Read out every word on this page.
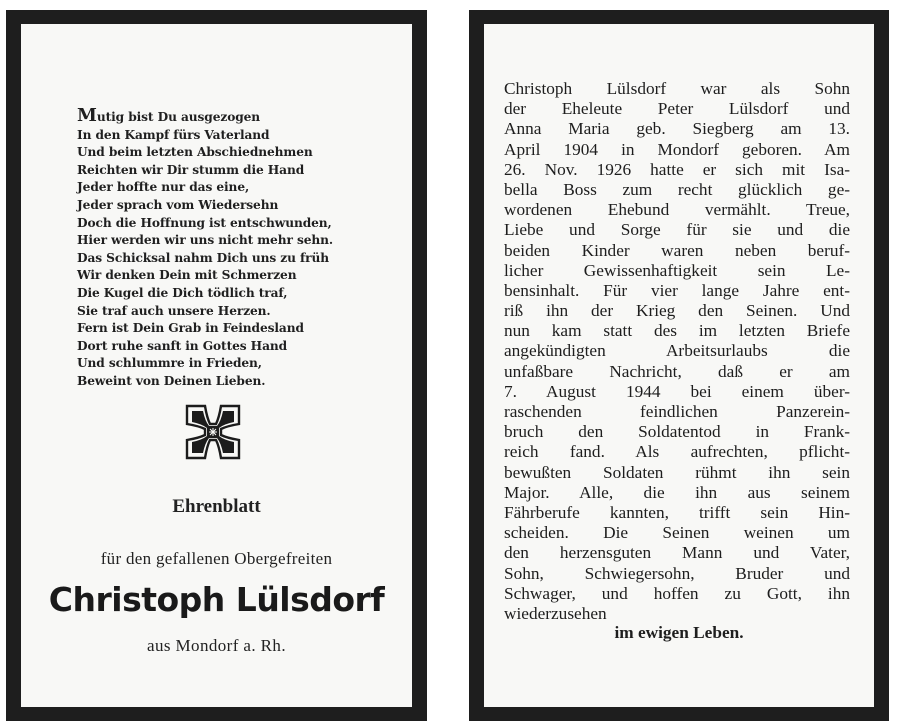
Mutig bist Du ausgezogen
In den Kampf fürs Vaterland
Und beim letzten Abschiednehmen
Reichten wir Dir stumm die Hand
Jeder hoffte nur das eine,
Jeder sprach vom Wiedersehn
Doch die Hoffnung ist entschwunden,
Hier werden wir uns nicht mehr sehn.
Das Schicksal nahm Dich uns zu früh
Wir denken Dein mit Schmerzen
Die Kugel die Dich tödlich traf,
Sie traf auch unsere Herzen.
Fern ist Dein Grab in Feindesland
Dort ruhe sanft in Gottes Hand
Und schlummre in Frieden,
Beweint von Deinen Lieben.
Ehrenblatt
für den gefallenen Obergefreiten
Christoph Lülsdorf
aus Mondorf a. Rh.
Christoph Lülsdorf war als Sohn
der Eheleute Peter Lülsdorf und
Anna Maria geb. Siegberg am 13.
April 1904 in Mondorf geboren. Am
26. Nov. 1926 hatte er sich mit Isa-
bella Boss zum recht glücklich ge-
wordenen Ehebund vermählt. Treue,
Liebe und Sorge für sie und die
beiden Kinder waren neben beruf-
licher Gewissenhaftigkeit sein Le-
bensinhalt. Für vier lange Jahre ent-
riß ihn der Krieg den Seinen. Und
nun kam statt des im letzten Briefe
angekündigten Arbeitsurlaubs die
unfaßbare Nachricht, daß er am
7. August 1944 bei einem über-
raschenden feindlichen Panzerein-
bruch den Soldatentod in Frank-
reich fand. Als aufrechten, pflicht-
bewußten Soldaten rühmt ihn sein
Major. Alle, die ihn aus seinem
Fährberufe kannten, trifft sein Hin-
scheiden. Die Seinen weinen um
den herzensguten Mann und Vater,
Sohn, Schwiegersohn, Bruder und
Schwager, und hoffen zu Gott, ihn
wiederzusehen
im ewigen Leben.
